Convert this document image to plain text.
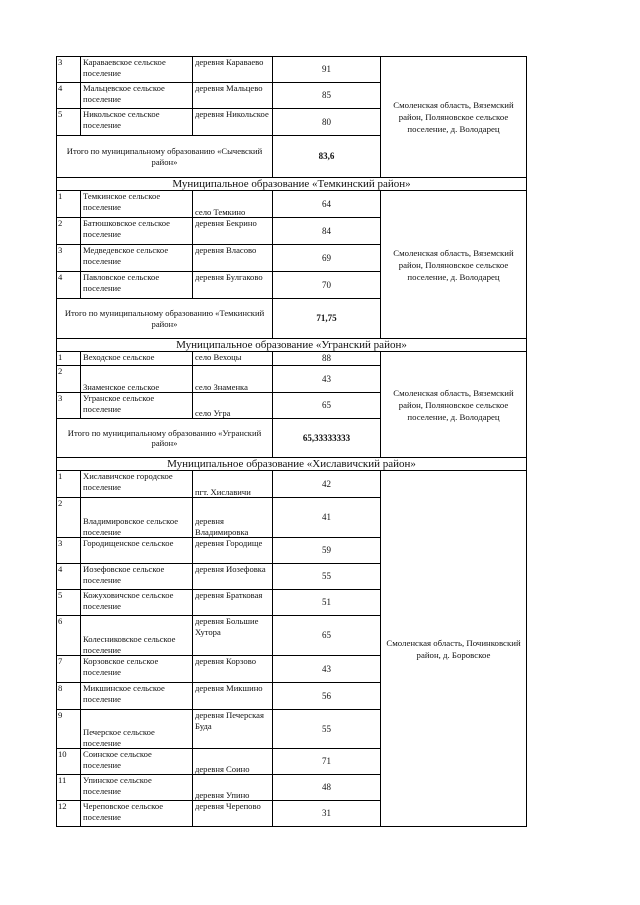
3	Караваевское сельское поселение	деревня Караваево	91	Смоленская область, Вяземский район, Поляновское сельское поселение, д. Володарец
4	Мальцевское сельское поселение	деревня Мальцево	85	
5	Никольское сельское поселение	деревня Никольское	80	
Итого по муниципальному образованию «Сычевский район»			83,6	
Муниципальное образование «Темкинский район»				
1	Темкинское сельское поселение	село Темкино	64	Смоленская область, Вяземский район, Поляновское сельское поселение, д. Володарец
2	Батюшковское сельское поселение	деревня Бекрино	84	
3	Медведевское сельское поселение	деревня Власово	69	
4	Павловское сельское поселение	деревня Булгаково	70	
Итого по муниципальному образованию «Темкинский район»			71,75	
Муниципальное образование «Угранский район»				
1	Веходское сельское	село Вехоцы	88	Смоленская область, Вяземский район, Поляновское сельское поселение, д. Володарец
2	Знаменское сельское	село Знаменка	43	
3	Угранское сельское поселение	село Угра	65	
Итого по муниципальному образованию «Угранский район»			65,33333333	
Муниципальное образование «Хиславичский район»				
1	Хиславичское городское поселение	пгт. Хиславичи	42	Смоленская область, Починковский район, д. Боровское
2	Владимировское сельское поселение	деревня Владимировка	41	
3	Городищенское сельское	деревня Городище	59	
4	Иозефовское сельское поселение	деревня Иозефовка	55	
5	Кожуховичское сельское поселение	деревня Братковая	51	
6	Колесниковское сельское поселение	деревня Большие Хутора	65	
7	Корзовское сельское поселение	деревня Корзово	43	
8	Микшинское сельское поселение	деревня Микшино	56	
9	Печерское сельское поселение	деревня Печерская Буда	55	
10	Соинское сельское поселение	деревня Соино	71	
11	Упинское сельское поселение	деревня Упино	48	
12	Череповское сельское поселение	деревня Черепово	31	
